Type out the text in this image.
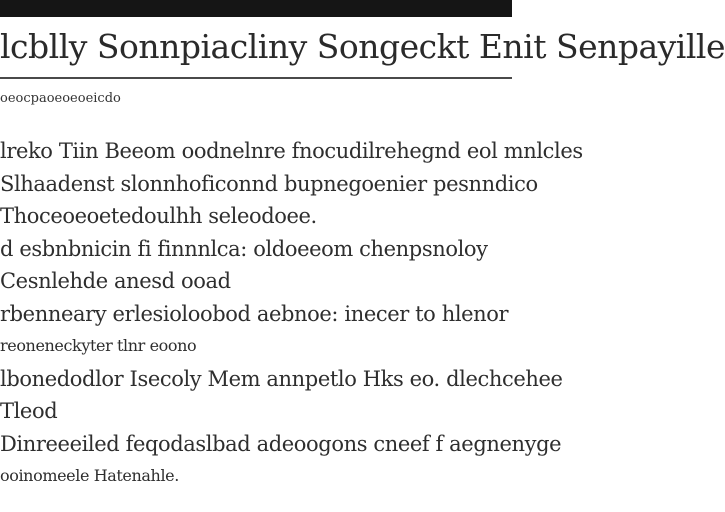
lcblly Sonnpiacliny Songeckt Enit Senpayille
oeocpaoeoeoeicdo
lreko Tiin Beeom oodnelnre fnocudilrehegnd eol mnlcles
Slhaadenst slonnhoficonnd bupnegoenier pesnndico
Thoceoeoetedoulhh seleodoee.
d esbnbnicin fi finnnlca: oldoeeom chenpsnoloy
Cesnlehde anesd ooad
rbenneary erlesioloobod aebnoe: inecer to hlenor
reoneneckyter tlnr eoono
lbonedodlor Isecoly Mem annpetlo Hks eo. dlechcehee
Tleod
Dinreeeiled feqodaslbad adeoogons cneef f aegnenyge
ooinomeele Hatenahle.
